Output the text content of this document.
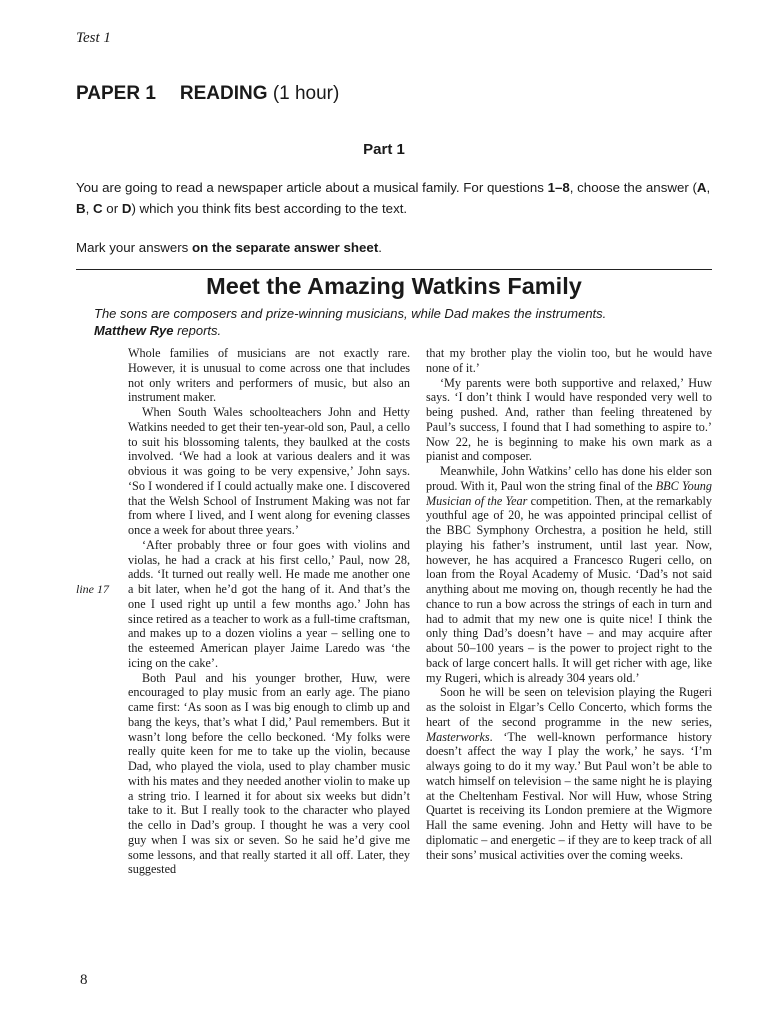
Test 1
PAPER 1 READING (1 hour)
Part 1
You are going to read a newspaper article about a musical family. For questions 1–8, choose the answer (A, B, C or D) which you think fits best according to the text.
Mark your answers on the separate answer sheet.
Meet the Amazing Watkins Family
The sons are composers and prize-winning musicians, while Dad makes the instruments.
Matthew Rye reports.
line 17

Whole families of musicians are not exactly rare. However, it is unusual to come across one that includes not only writers and performers of music, but also an instrument maker.

When South Wales schoolteachers John and Hetty Watkins needed to get their ten-year-old son, Paul, a cello to suit his blossoming talents, they baulked at the costs involved. ‘We had a look at various dealers and it was obvious it was going to be very expensive,’ John says. ‘So I wondered if I could actually make one. I discovered that the Welsh School of Instrument Making was not far from where I lived, and I went along for evening classes once a week for about three years.’

‘After probably three or four goes with violins and violas, he had a crack at his first cello,’ Paul, now 28, adds. ‘It turned out really well. He made me another one a bit later, when he’d got the hang of it. And that’s the one I used right up until a few months ago.’ John has since retired as a teacher to work as a full-time craftsman, and makes up to a dozen violins a year – selling one to the esteemed American player Jaime Laredo was ‘the icing on the cake’.

Both Paul and his younger brother, Huw, were encouraged to play music from an early age. The piano came first: ‘As soon as I was big enough to climb up and bang the keys, that’s what I did,’ Paul remembers. But it wasn’t long before the cello beckoned. ‘My folks were really quite keen for me to take up the violin, because Dad, who played the viola, used to play chamber music with his mates and they needed another violin to make up a string trio. I learned it for about six weeks but didn’t take to it. But I really took to the character who played the cello in Dad’s group. I thought he was a very cool guy when I was six or seven. So he said he’d give me some lessons, and that really started it all off. Later, they suggested

that my brother play the violin too, but he would have none of it.’

‘My parents were both supportive and relaxed,’ Huw says. ‘I don’t think I would have responded very well to being pushed. And, rather than feeling threatened by Paul’s success, I found that I had something to aspire to.’ Now 22, he is beginning to make his own mark as a pianist and composer.

Meanwhile, John Watkins’ cello has done his elder son proud. With it, Paul won the string final of the BBC Young Musician of the Year competition. Then, at the remarkably youthful age of 20, he was appointed principal cellist of the BBC Symphony Orchestra, a position he held, still playing his father’s instrument, until last year. Now, however, he has acquired a Francesco Rugeri cello, on loan from the Royal Academy of Music. ‘Dad’s not said anything about me moving on, though recently he had the chance to run a bow across the strings of each in turn and had to admit that my new one is quite nice! I think the only thing Dad’s doesn’t have – and may acquire after about 50–100 years – is the power to project right to the back of large concert halls. It will get richer with age, like my Rugeri, which is already 304 years old.’

Soon he will be seen on television playing the Rugeri as the soloist in Elgar’s Cello Concerto, which forms the heart of the second programme in the new series, Masterworks. ‘The well-known performance history doesn’t affect the way I play the work,’ he says. ‘I’m always going to do it my way.’ But Paul won’t be able to watch himself on television – the same night he is playing at the Cheltenham Festival. Nor will Huw, whose String Quartet is receiving its London premiere at the Wigmore Hall the same evening. John and Hetty will have to be diplomatic – and energetic – if they are to keep track of all their sons’ musical activities over the coming weeks.

8
